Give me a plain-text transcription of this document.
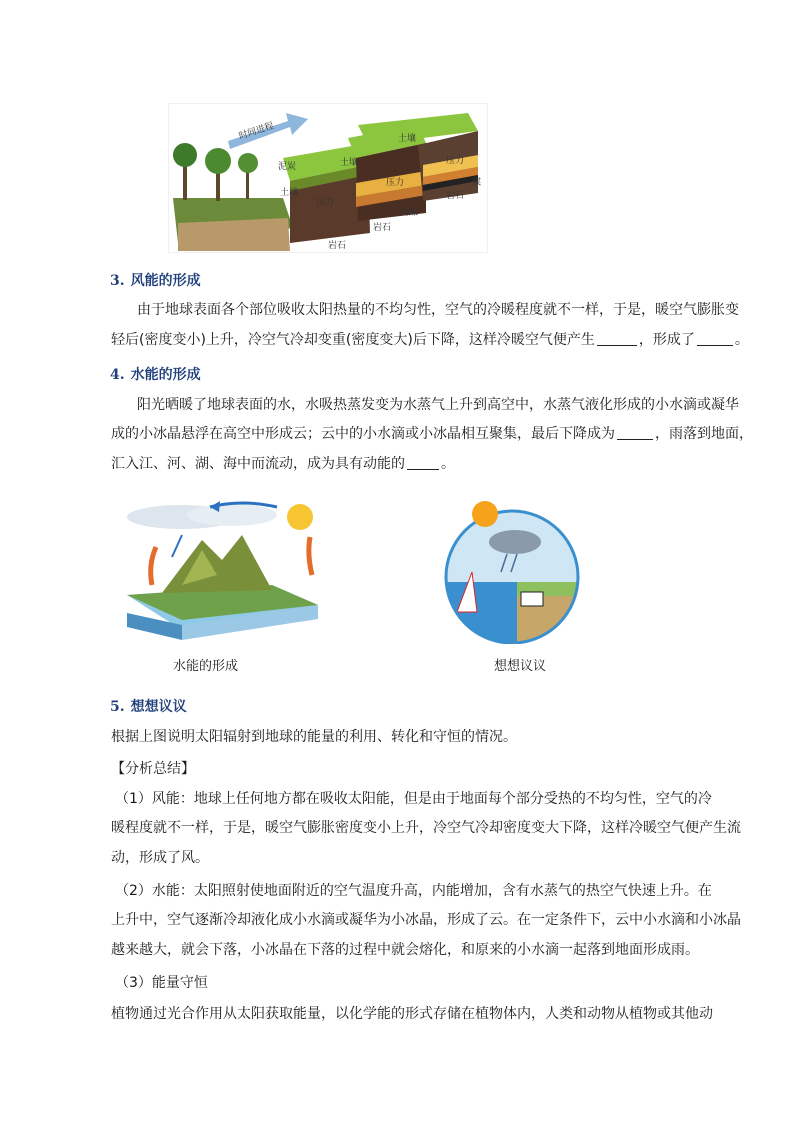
时间进程
泥炭
土壤
土壤
土壤
压力
压力
压力
岩石
岩石
岩石
褐煤
煤
3. 风能的形成
由于地球表面各个部位吸收太阳热量的不均匀性，空气的冷暖程度就不一样，于是，暖空气膨胀变
轻后(密度变小)上升，冷空气冷却变重(密度变大)后下降，这样冷暖空气便产生	，形成了	。
4. 水能的形成
阳光晒暖了地球表面的水，水吸热蒸发变为水蒸气上升到高空中，水蒸气液化形成的小水滴或凝华
成的小冰晶悬浮在高空中形成云；云中的小水滴或小冰晶相互聚集，最后下降成为	，雨落到地面，
汇入江、河、湖、海中而流动，成为具有动能的	。
水能的形成	想想议议
5. 想想议议
根据上图说明太阳辐射到地球的能量的利用、转化和守恒的情况。
【分析总结】
（1）风能：地球上任何地方都在吸收太阳能，但是由于地面每个部分受热的不均匀性，空气的冷
暖程度就不一样，于是，暖空气膨胀密度变小上升，冷空气冷却密度变大下降，这样冷暖空气便产生流
动，形成了风。
（2）水能：太阳照射使地面附近的空气温度升高，内能增加，含有水蒸气的热空气快速上升。在
上升中，空气逐渐冷却液化成小水滴或凝华为小冰晶，形成了云。在一定条件下，云中小水滴和小冰晶
越来越大，就会下落，小冰晶在下落的过程中就会熔化，和原来的小水滴一起落到地面形成雨。
（3）能量守恒
植物通过光合作用从太阳获取能量，以化学能的形式存储在植物体内，人类和动物从植物或其他动
